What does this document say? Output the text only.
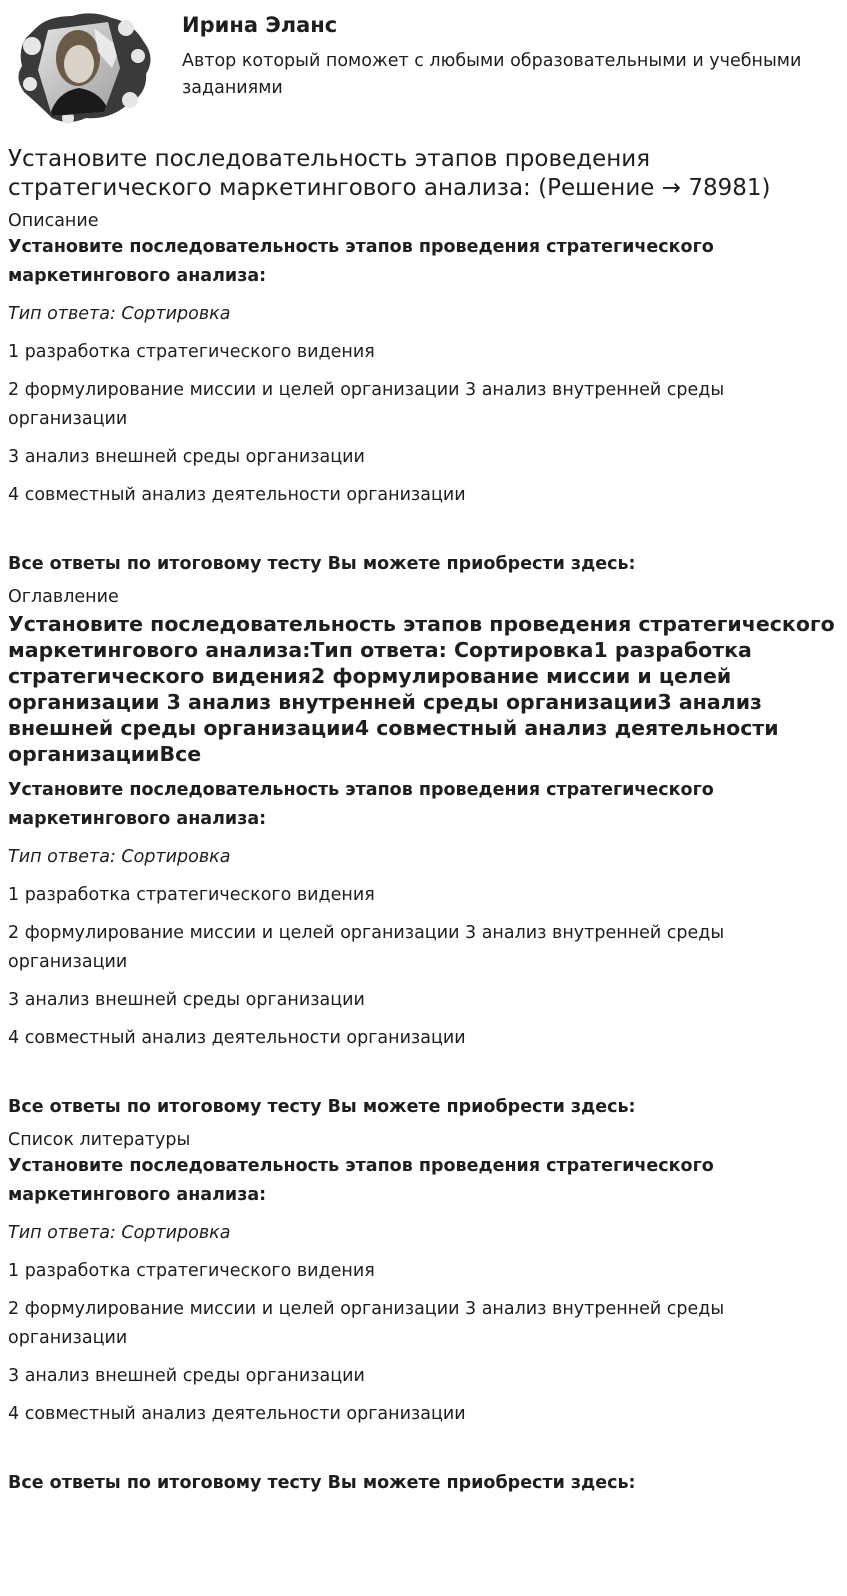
Ирина Эланс
Автор который поможет с любыми образовательными и учебными заданиями
Установите последовательность этапов проведения стратегического маркетингового анализа: (Решение → 78981)

Описание

Установите последовательность этапов проведения стратегического маркетингового анализа:

Тип ответа: Сортировка

1 разработка стратегического видения

2 формулирование миссии и целей организации 3 анализ внутренней среды организации

3 анализ внешней среды организации

4 совместный анализ деятельности организации

Все ответы по итоговому тесту Вы можете приобрести здесь:

Оглавление

Установите последовательность этапов проведения стратегического маркетингового анализа:Тип ответа: Сортировка1 разработка стратегического видения2 формулирование миссии и целей организации 3 анализ внутренней среды организации3 анализ внешней среды организации4 совместный анализ деятельности организацииВсе

Установите последовательность этапов проведения стратегического маркетингового анализа:

Тип ответа: Сортировка

1 разработка стратегического видения

2 формулирование миссии и целей организации 3 анализ внутренней среды организации

3 анализ внешней среды организации

4 совместный анализ деятельности организации

Все ответы по итоговому тесту Вы можете приобрести здесь:

Список литературы

Установите последовательность этапов проведения стратегического маркетингового анализа:

Тип ответа: Сортировка

1 разработка стратегического видения

2 формулирование миссии и целей организации 3 анализ внутренней среды организации

3 анализ внешней среды организации

4 совместный анализ деятельности организации

Все ответы по итоговому тесту Вы можете приобрести здесь:
